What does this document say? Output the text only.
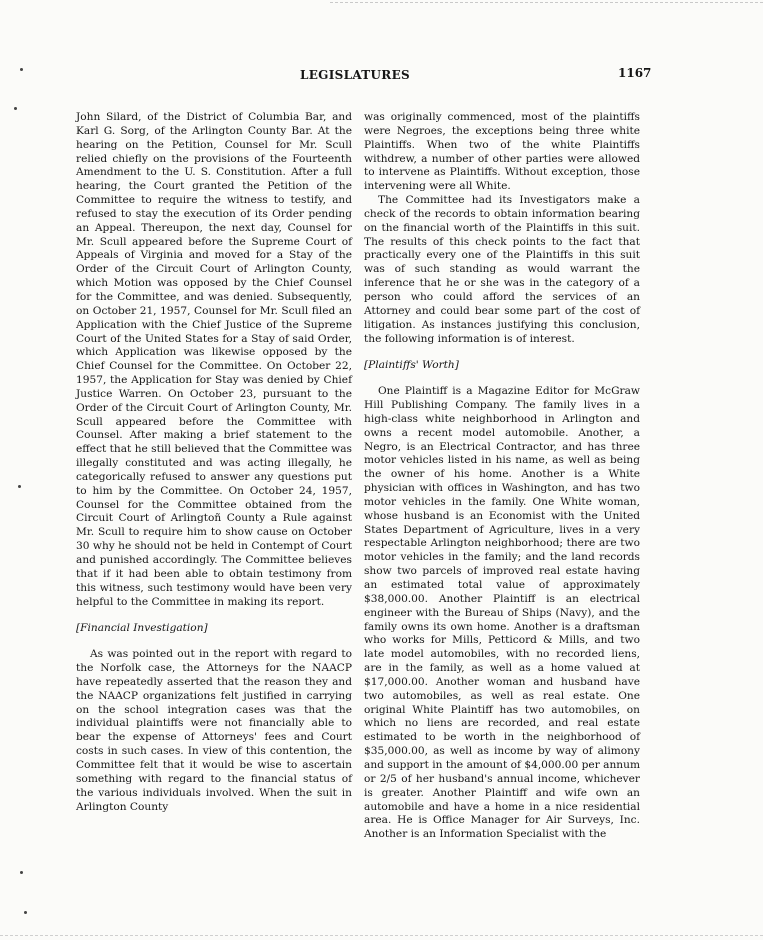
LEGISLATURES	1167

John Silard, of the District of Columbia Bar, and Karl G. Sorg, of the Arlington County Bar. At the hearing on the Petition, Counsel for Mr. Scull relied chiefly on the provisions of the Fourteenth Amendment to the U. S. Constitution. After a full hearing, the Court granted the Petition of the Committee to require the witness to testify, and refused to stay the execution of its Order pending an Appeal. Thereupon, the next day, Counsel for Mr. Scull appeared before the Supreme Court of Appeals of Virginia and moved for a Stay of the Order of the Circuit Court of Arlington County, which Motion was opposed by the Chief Counsel for the Committee, and was denied. Subsequently, on October 21, 1957, Counsel for Mr. Scull filed an Application with the Chief Justice of the Supreme Court of the United States for a Stay of said Order, which Application was likewise opposed by the Chief Counsel for the Committee. On October 22, 1957, the Application for Stay was denied by Chief Justice Warren. On October 23, pursuant to the Order of the Circuit Court of Arlington County, Mr. Scull appeared before the Committee with Counsel. After making a brief statement to the effect that he still believed that the Committee was illegally constituted and was acting illegally, he categorically refused to answer any questions put to him by the Committee. On October 24, 1957, Counsel for the Committee obtained from the Circuit Court of Arlingtoñ County a Rule against Mr. Scull to require him to show cause on October 30 why he should not be held in Contempt of Court and punished accordingly. The Committee believes that if it had been able to obtain testimony from this witness, such testimony would have been very helpful to the Committee in making its report.

[Financial Investigation]

As was pointed out in the report with regard to the Norfolk case, the Attorneys for the NAACP have repeatedly asserted that the reason they and the NAACP organizations felt justified in carrying on the school integration cases was that the individual plaintiffs were not financially able to bear the expense of Attorneys' fees and Court costs in such cases. In view of this contention, the Committee felt that it would be wise to ascertain something with regard to the financial status of the various individuals involved. When the suit in Arlington County

was originally commenced, most of the plaintiffs were Negroes, the exceptions being three white Plaintiffs. When two of the white Plaintiffs withdrew, a number of other parties were allowed to intervene as Plaintiffs. Without exception, those intervening were all White.

The Committee had its Investigators make a check of the records to obtain information bearing on the financial worth of the Plaintiffs in this suit. The results of this check points to the fact that practically every one of the Plaintiffs in this suit was of such standing as would warrant the inference that he or she was in the category of a person who could afford the services of an Attorney and could bear some part of the cost of litigation. As instances justifying this conclusion, the following information is of interest.

[Plaintiffs' Worth]

One Plaintiff is a Magazine Editor for McGraw Hill Publishing Company. The family lives in a high-class white neighborhood in Arlington and owns a recent model automobile. Another, a Negro, is an Electrical Contractor, and has three motor vehicles listed in his name, as well as being the owner of his home. Another is a White physician with offices in Washington, and has two motor vehicles in the family. One White woman, whose husband is an Economist with the United States Department of Agriculture, lives in a very respectable Arlington neighborhood; there are two motor vehicles in the family; and the land records show two parcels of improved real estate having an estimated total value of approximately $38,000.00. Another Plaintiff is an electrical engineer with the Bureau of Ships (Navy), and the family owns its own home. Another is a draftsman who works for Mills, Petticord & Mills, and two late model automobiles, with no recorded liens, are in the family, as well as a home valued at $17,000.00. Another woman and husband have two automobiles, as well as real estate. One original White Plaintiff has two automobiles, on which no liens are recorded, and real estate estimated to be worth in the neighborhood of $35,000.00, as well as income by way of alimony and support in the amount of $4,000.00 per annum or 2/5 of her husband's annual income, whichever is greater. Another Plaintiff and wife own an automobile and have a home in a nice residential area. He is Office Manager for Air Surveys, Inc. Another is an Information Specialist with the
